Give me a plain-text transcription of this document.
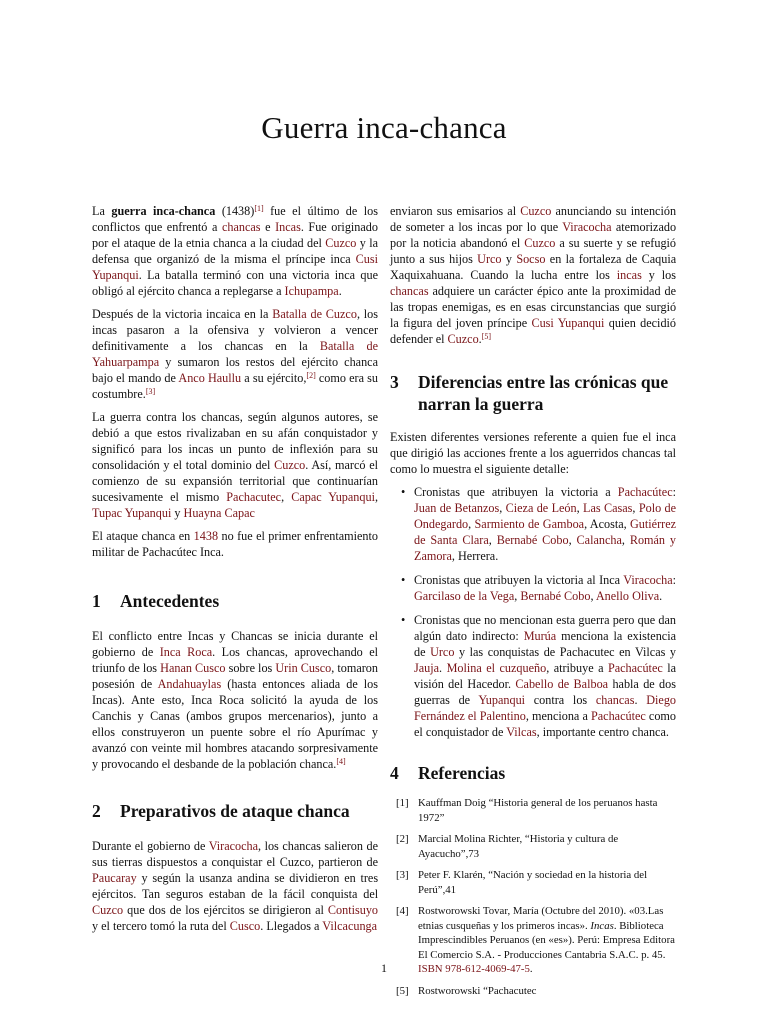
Guerra inca-chanca

La guerra inca-chanca (1438)[1] fue el último de los conflictos que enfrentó a chancas e Incas. Fue originado por el ataque de la etnia chanca a la ciudad del Cuzco y la defensa que organizó de la misma el príncipe inca Cusi Yupanqui. La batalla terminó con una victoria inca que obligó al ejército chanca a replegarse a Ichupampa.

Después de la victoria incaica en la Batalla de Cuzco, los incas pasaron a la ofensiva y volvieron a vencer definitivamente a los chancas en la Batalla de Yahuarpampa y sumaron los restos del ejército chanca bajo el mando de Anco Haullu a su ejército,[2] como era su costumbre.[3]

La guerra contra los chancas, según algunos autores, se debió a que estos rivalizaban en su afán conquistador y significó para los incas un punto de inflexión para su consolidación y el total dominio del Cuzco. Así, marcó el comienzo de su expansión territorial que continuarían sucesivamente el mismo Pachacutec, Capac Yupanqui, Tupac Yupanqui y Huayna Capac

El ataque chanca en 1438 no fue el primer enfrentamiento militar de Pachacútec Inca.

1	Antecedentes

El conflicto entre Incas y Chancas se inicia durante el gobierno de Inca Roca. Los chancas, aprovechando el triunfo de los Hanan Cusco sobre los Urin Cusco, tomaron posesión de Andahuaylas (hasta entonces aliada de los Incas). Ante esto, Inca Roca solicitó la ayuda de los Canchis y Canas (ambos grupos mercenarios), junto a ellos construyeron un puente sobre el río Apurímac y avanzó con veinte mil hombres atacando sorpresivamente y provocando el desbande de la población chanca.[4]

2	Preparativos de ataque chanca

Durante el gobierno de Viracocha, los chancas salieron de sus tierras dispuestos a conquistar el Cuzco, partieron de Paucaray y según la usanza andina se dividieron en tres ejércitos. Tan seguros estaban de la fácil conquista del Cuzco que dos de los ejércitos se dirigieron al Contisuyo y el tercero tomó la ruta del Cusco. Llegados a Vilcacunga

enviaron sus emisarios al Cuzco anunciando su intención de someter a los incas por lo que Viracocha atemorizado por la noticia abandonó el Cuzco a su suerte y se refugió junto a sus hijos Urco y Socso en la fortaleza de Caquia Xaquixahuana. Cuando la lucha entre los incas y los chancas adquiere un carácter épico ante la proximidad de las tropas enemigas, es en esas circunstancias que surgió la figura del joven príncipe Cusi Yupanqui quien decidió defender el Cuzco.[5]

3	Diferencias entre las crónicas que narran la guerra

Existen diferentes versiones referente a quien fue el inca que dirigió las acciones frente a los aguerridos chancas tal como lo muestra el siguiente detalle:

• Cronistas que atribuyen la victoria a Pachacútec: Juan de Betanzos, Cieza de León, Las Casas, Polo de Ondegardo, Sarmiento de Gamboa, Acosta, Gutiérrez de Santa Clara, Bernabé Cobo, Calancha, Román y Zamora, Herrera.
• Cronistas que atribuyen la victoria al Inca Viracocha: Garcilaso de la Vega, Bernabé Cobo, Anello Oliva.
• Cronistas que no mencionan esta guerra pero que dan algún dato indirecto: Murúa menciona la existencia de Urco y las conquistas de Pachacutec en Vilcas y Jauja. Molina el cuzqueño, atribuye a Pachacútec la visión del Hacedor. Cabello de Balboa habla de dos guerras de Yupanqui contra los chancas. Diego Fernández el Palentino, menciona a Pachacútec como el conquistador de Vilcas, importante centro chanca.
4	Referencias
[1] Kauffman Doig “Historia general de los peruanos hasta 1972”
[2] Marcial Molina Richter, “Historia y cultura de Ayacucho”,73
[3] Peter F. Klarén, “Nación y sociedad en la historia del Perú”,41
[4] Rostworowski Tovar, María (Octubre del 2010). «03.Las etnias cusqueñas y los primeros incas». Incas. Biblioteca Imprescindibles Peruanos (en «es»). Perú: Empresa Editora El Comercio S.A. - Producciones Cantabria S.A.C. p. 45. ISBN 978-612-4069-47-5.
[5] Rostworowski “Pachacutec
1
